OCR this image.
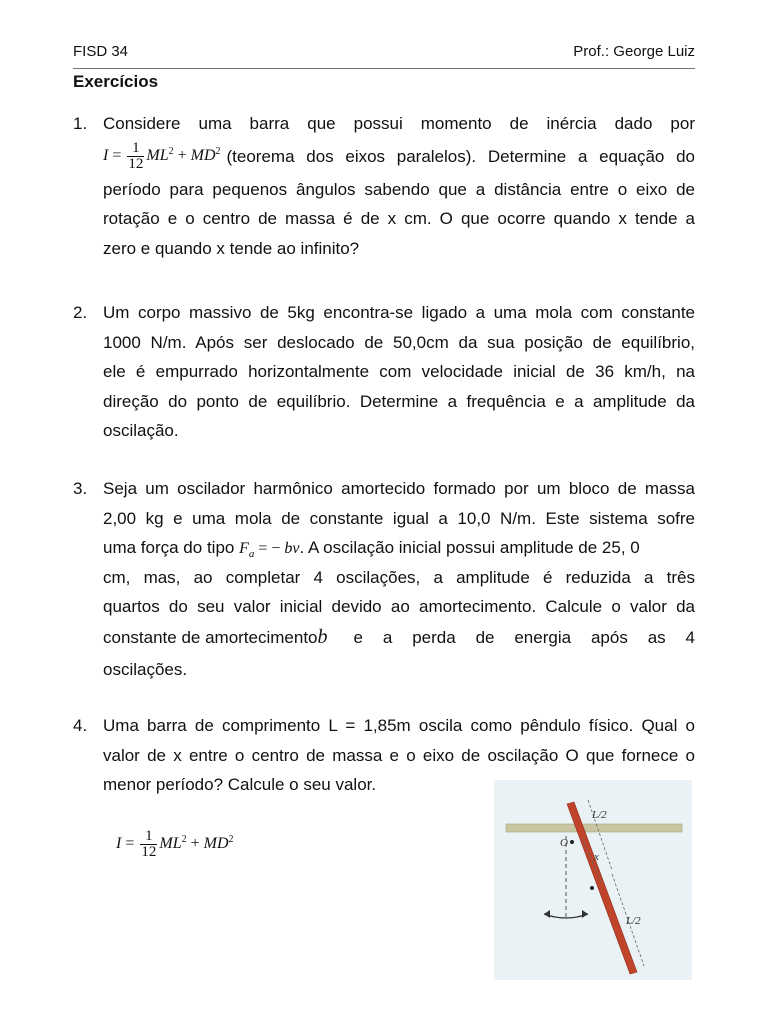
FISD 34	Prof.: George Luiz
Exercícios
1. Considere uma barra que possui momento de inércia dado por
$I = \frac{1}{12} ML^2 + MD^2$ (teorema dos eixos paralelos). Determine a equação do
período para pequenos ângulos sabendo que a distância entre o eixo de
rotação e o centro de massa é de x cm. O que ocorre quando x tende a
zero e quando x tende ao infinito?
2. Um corpo massivo de 5kg encontra-se ligado a uma mola com constante
1000 N/m. Após ser deslocado de 50,0cm da sua posição de equilíbrio,
ele é empurrado horizontalmente com velocidade inicial de 36 km/h, na
direção do ponto de equilíbrio. Determine a frequência e a amplitude da
oscilação.
3. Seja um oscilador harmônico amortecido formado por um bloco de massa
2,00 kg e uma mola de constante igual a 10,0 N/m. Este sistema sofre
uma força do tipo $F_a$ = − bv. A oscilação inicial possui amplitude de 25, 0
cm, mas, ao completar 4 oscilações, a amplitude é reduzida a três
quartos do seu valor inicial devido ao amortecimento. Calcule o valor da
constante de amortecimento b e a perda de energia após as 4
oscilações.
4. Uma barra de comprimento L = 1,85m oscila como pêndulo físico. Qual o
valor de x entre o centro de massa e o eixo de oscilação O que fornece o
menor período? Calcule o seu valor.
$I = \frac{1}{12} ML^2 + MD^2$
L/2
O
x
L/2
